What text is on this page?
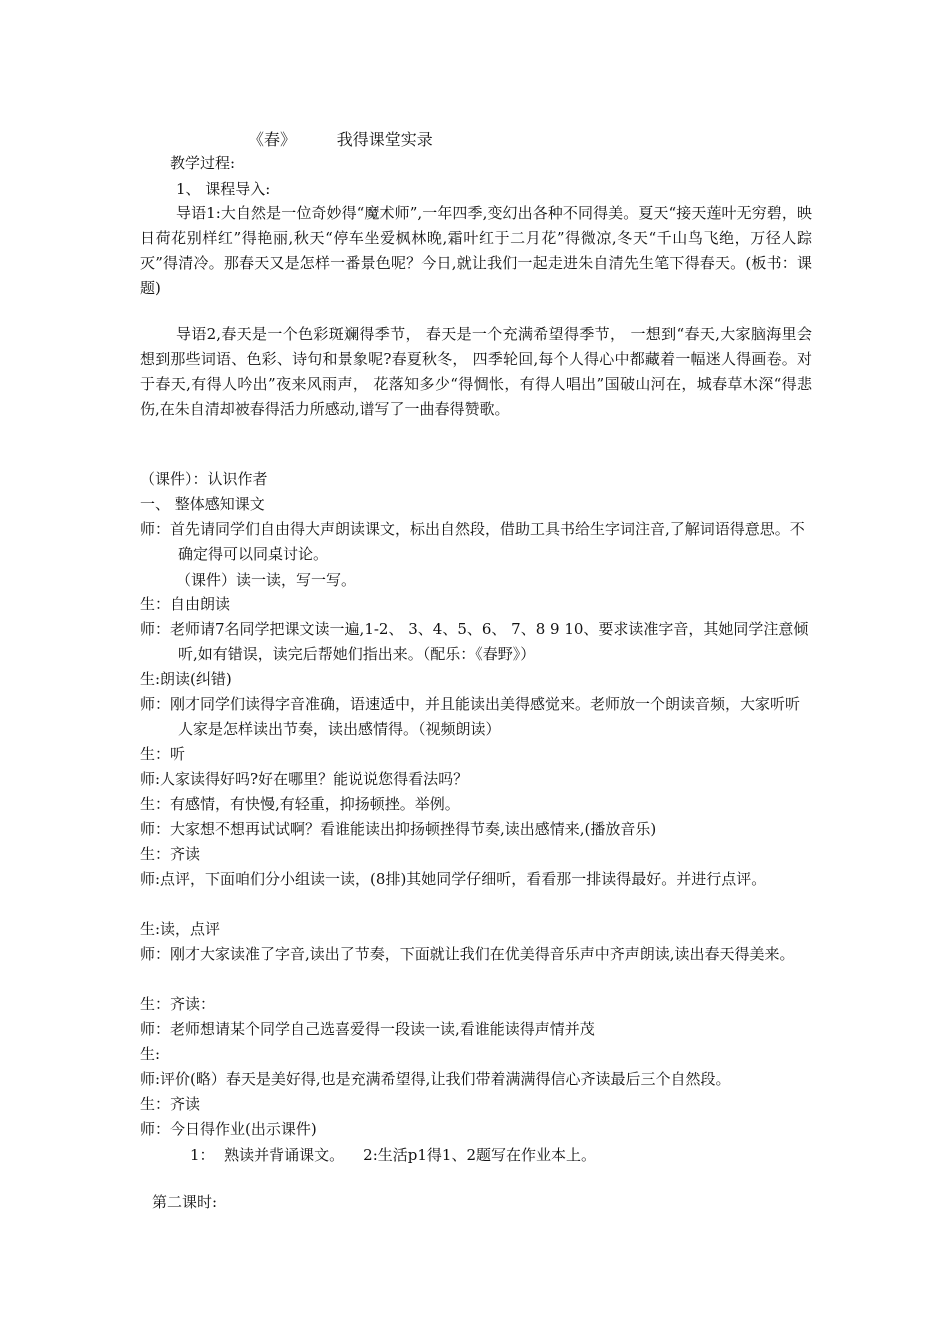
《春》        我得课堂实录
教学过程:
1、 课程导入:
导语1:大自然是一位奇妙得“魔术师”,一年四季,变幻出各种不同得美。夏天“接天莲叶无穷碧，映日荷花别样红”得艳丽,秋天“停车坐爱枫林晚,霜叶红于二月花”得微凉,冬天“千山鸟飞绝，万径人踪灭”得清冷。那春天又是怎样一番景色呢？今日,就让我们一起走进朱自清先生笔下得春天。(板书：课题)
导语2,春天是一个色彩斑斓得季节， 春天是一个充满希望得季节， 一想到“春天,大家脑海里会想到那些词语、色彩、诗句和景象呢?春夏秋冬， 四季轮回,每个人得心中都藏着一幅迷人得画卷。对于春天,有得人吟出”夜来风雨声， 花落知多少“得惆怅，有得人唱出”国破山河在，城春草木深“得悲伤,在朱自清却被春得活力所感动,谱写了一曲春得赞歌。
（课件）：认识作者
一、 整体感知课文
师：首先请同学们自由得大声朗读课文，标出自然段，借助工具书给生字词注音,了解词语得意思。不确定得可以同桌讨论。
（课件）读一读，写一写。
生：自由朗读
师：老师请7名同学把课文读一遍,1-2、 3、4、5、6、 7、8 9 10、要求读准字音，其她同学注意倾听,如有错误，读完后帮她们指出来。（配乐：《春野》）
生:朗读(纠错)
师：刚才同学们读得字音准确，语速适中，并且能读出美得感觉来。老师放一个朗读音频，大家听听人家是怎样读出节奏，读出感情得。（视频朗读）
生：听
师:人家读得好吗?好在哪里？能说说您得看法吗？
生：有感情，有快慢,有轻重，抑扬顿挫。举例。
师：大家想不想再试试啊？看谁能读出抑扬顿挫得节奏,读出感情来,(播放音乐)
生：齐读
师:点评，下面咱们分小组读一读，(8排)其她同学仔细听，看看那一排读得最好。并进行点评。
生:读，点评
师：刚才大家读准了字音,读出了节奏，下面就让我们在优美得音乐声中齐声朗读,读出春天得美来。
生：齐读：
师：老师想请某个同学自己选喜爱得一段读一读,看谁能读得声情并茂
生:
师:评价(略）春天是美好得,也是充满希望得,让我们带着满满得信心齐读最后三个自然段。
生：齐读
师：今日得作业(出示课件)
1：  熟读并背诵课文。    2:生活p1得1、2题写在作业本上。
第二课时:
